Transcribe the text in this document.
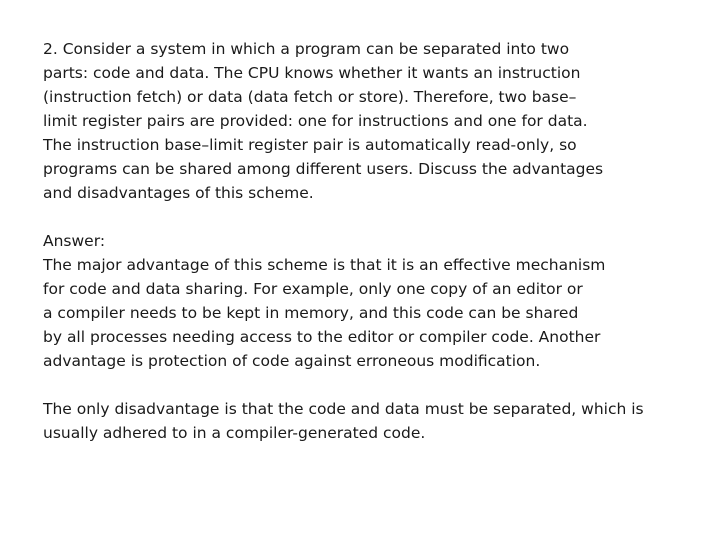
2. Consider a system in which a program can be separated into two
parts: code and data. The CPU knows whether it wants an instruction
(instruction fetch) or data (data fetch or store). Therefore, two base–
limit register pairs are provided: one for instructions and one for data.
The instruction base–limit register pair is automatically read-only, so
programs can be shared among different users. Discuss the advantages
and disadvantages of this scheme.
Answer:
The major advantage of this scheme is that it is an effective mechanism
for code and data sharing. For example, only one copy of an editor or
a compiler needs to be kept in memory, and this code can be shared
by all processes needing access to the editor or compiler code. Another
advantage is protection of code against erroneous modification.
The only disadvantage is that the code and data must be separated, which is
usually adhered to in a compiler-generated code.
